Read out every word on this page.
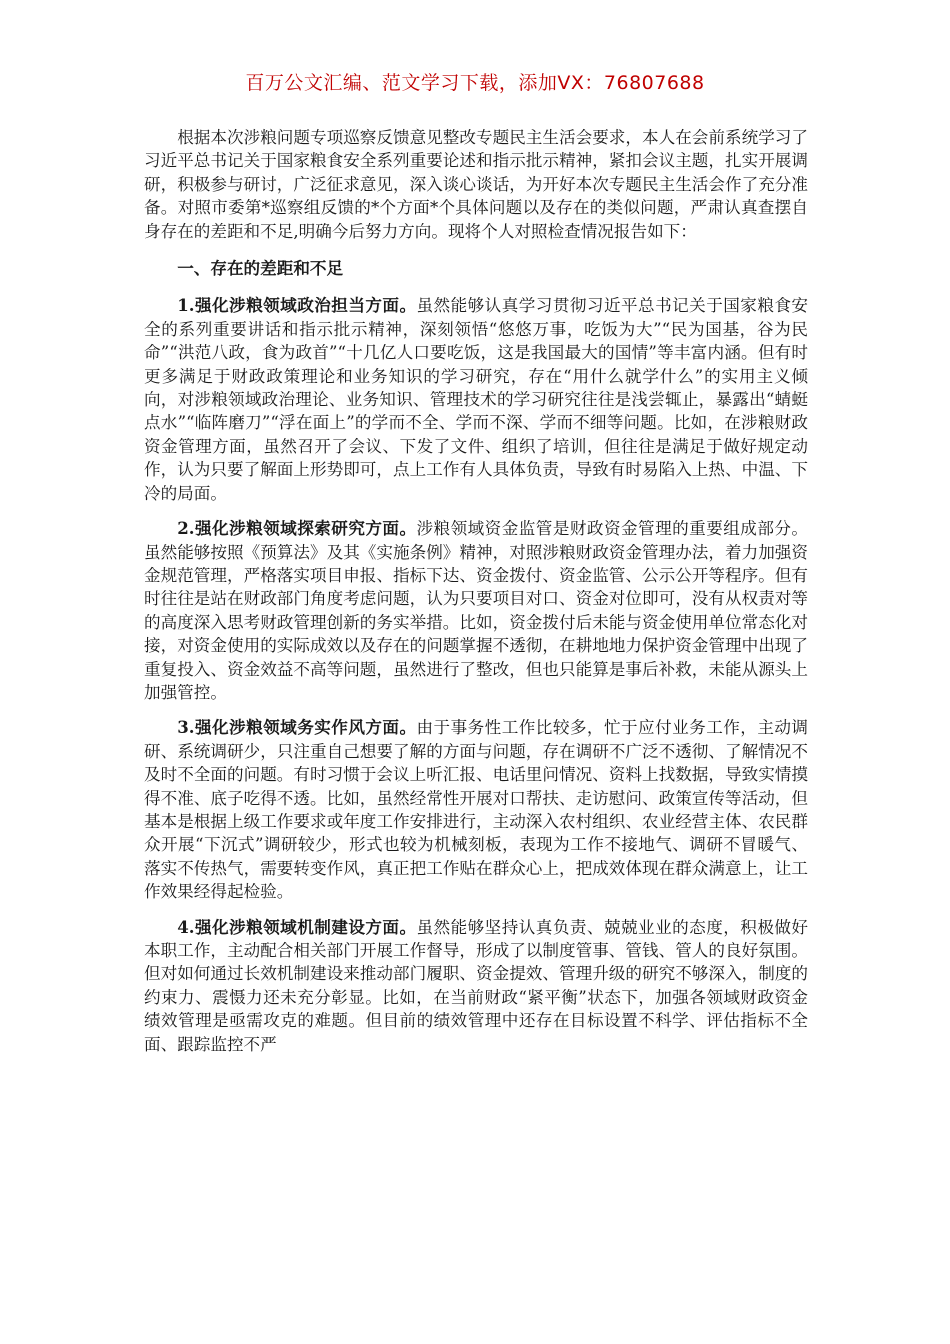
百万公文汇编、范文学习下载，添加VX：76807688

根据本次涉粮问题专项巡察反馈意见整改专题民主生活会要求，本人在会前系统学习了习近平总书记关于国家粮食安全系列重要论述和指示批示精神，紧扣会议主题，扎实开展调研，积极参与研讨，广泛征求意见，深入谈心谈话，为开好本次专题民主生活会作了充分准备。对照市委第*巡察组反馈的*个方面*个具体问题以及存在的类似问题，严肃认真查摆自身存在的差距和不足,明确今后努力方向。现将个人对照检查情况报告如下：

一、存在的差距和不足

1.强化涉粮领域政治担当方面。虽然能够认真学习贯彻习近平总书记关于国家粮食安全的系列重要讲话和指示批示精神，深刻领悟“悠悠万事，吃饭为大”“民为国基，谷为民命”“洪范八政，食为政首”“十几亿人口要吃饭，这是我国最大的国情”等丰富内涵。但有时更多满足于财政政策理论和业务知识的学习研究，存在“用什么就学什么”的实用主义倾向，对涉粮领域政治理论、业务知识、管理技术的学习研究往往是浅尝辄止，暴露出“蜻蜓点水”“临阵磨刀”“浮在面上”的学而不全、学而不深、学而不细等问题。比如，在涉粮财政资金管理方面，虽然召开了会议、下发了文件、组织了培训，但往往是满足于做好规定动作，认为只要了解面上形势即可，点上工作有人具体负责，导致有时易陷入上热、中温、下冷的局面。

2.强化涉粮领域探索研究方面。涉粮领域资金监管是财政资金管理的重要组成部分。虽然能够按照《预算法》及其《实施条例》精神，对照涉粮财政资金管理办法，着力加强资金规范管理，严格落实项目申报、指标下达、资金拨付、资金监管、公示公开等程序。但有时往往是站在财政部门角度考虑问题，认为只要项目对口、资金对位即可，没有从权责对等的高度深入思考财政管理创新的务实举措。比如，资金拨付后未能与资金使用单位常态化对接，对资金使用的实际成效以及存在的问题掌握不透彻，在耕地地力保护资金管理中出现了重复投入、资金效益不高等问题，虽然进行了整改，但也只能算是事后补救，未能从源头上加强管控。

3.强化涉粮领域务实作风方面。由于事务性工作比较多，忙于应付业务工作，主动调研、系统调研少，只注重自己想要了解的方面与问题，存在调研不广泛不透彻、了解情况不及时不全面的问题。有时习惯于会议上听汇报、电话里问情况、资料上找数据，导致实情摸得不准、底子吃得不透。比如，虽然经常性开展对口帮扶、走访慰问、政策宣传等活动，但基本是根据上级工作要求或年度工作安排进行，主动深入农村组织、农业经营主体、农民群众开展“下沉式”调研较少，形式也较为机械刻板，表现为工作不接地气、调研不冒暖气、落实不传热气，需要转变作风，真正把工作贴在群众心上，把成效体现在群众满意上，让工作效果经得起检验。

4.强化涉粮领域机制建设方面。虽然能够坚持认真负责、兢兢业业的态度，积极做好本职工作，主动配合相关部门开展工作督导，形成了以制度管事、管钱、管人的良好氛围。但对如何通过长效机制建设来推动部门履职、资金提效、管理升级的研究不够深入，制度的约束力、震慑力还未充分彰显。比如，在当前财政“紧平衡”状态下，加强各领域财政资金绩效管理是亟需攻克的难题。但目前的绩效管理中还存在目标设置不科学、评估指标不全面、跟踪监控不严
